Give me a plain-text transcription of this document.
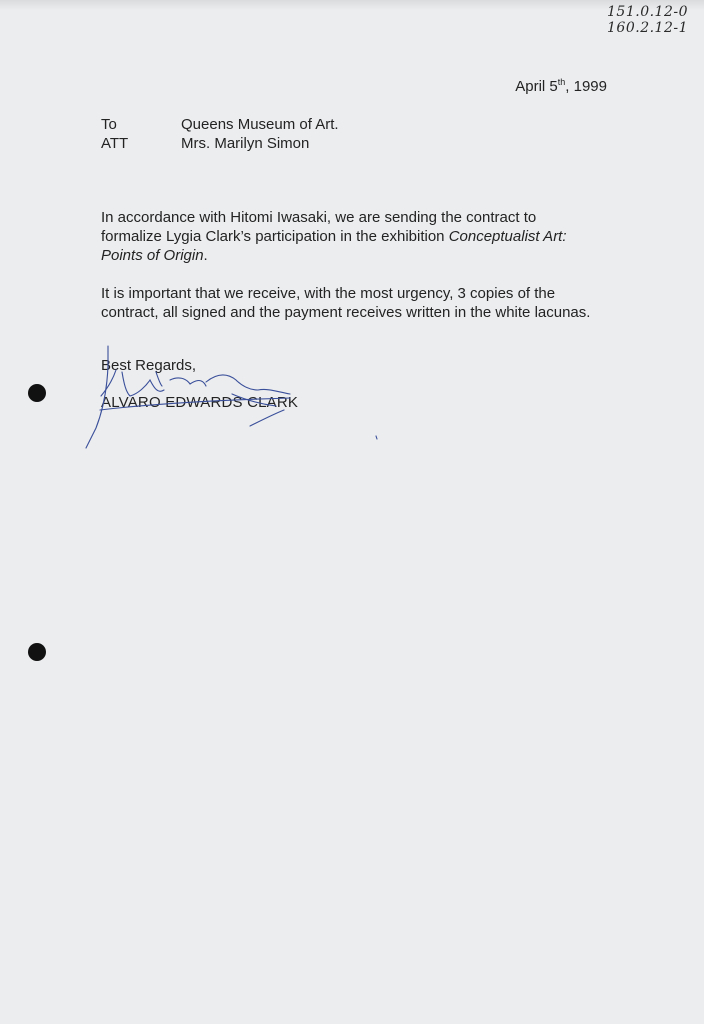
151.0.12-0
160.2.12-1
April 5th, 1999
To	Queens Museum of Art.
ATT	Mrs. Marilyn Simon

In accordance with Hitomi Iwasaki, we are sending the contract to formalize Lygia Clark’s participation in the exhibition Conceptualist Art: Points of Origin.

It is important that we receive, with the most urgency, 3 copies of the contract, all signed and the payment receives written in the white lacunas.

Best Regards,
ALVARO EDWARDS CLARK
